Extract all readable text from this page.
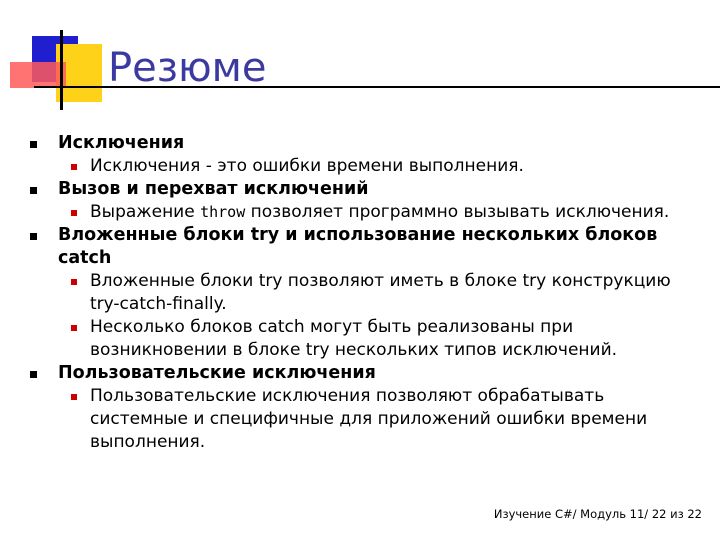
Резюме
Исключения
Исключения - это ошибки времени выполнения.
Вызов и перехват исключений
Выражение throw позволяет программно вызывать исключения.
Вложенные блоки try и использование нескольких блоков catch
Вложенные блоки try позволяют иметь в блоке try конструкцию try-catch-finally.
Несколько блоков catch могут быть реализованы при возникновении в блоке try нескольких типов исключений.
Пользовательские исключения
Пользовательские исключения позволяют обрабатывать системные и специфичные для приложений ошибки времени выполнения.
Изучение C#/ Модуль 11/ 22 из 22
